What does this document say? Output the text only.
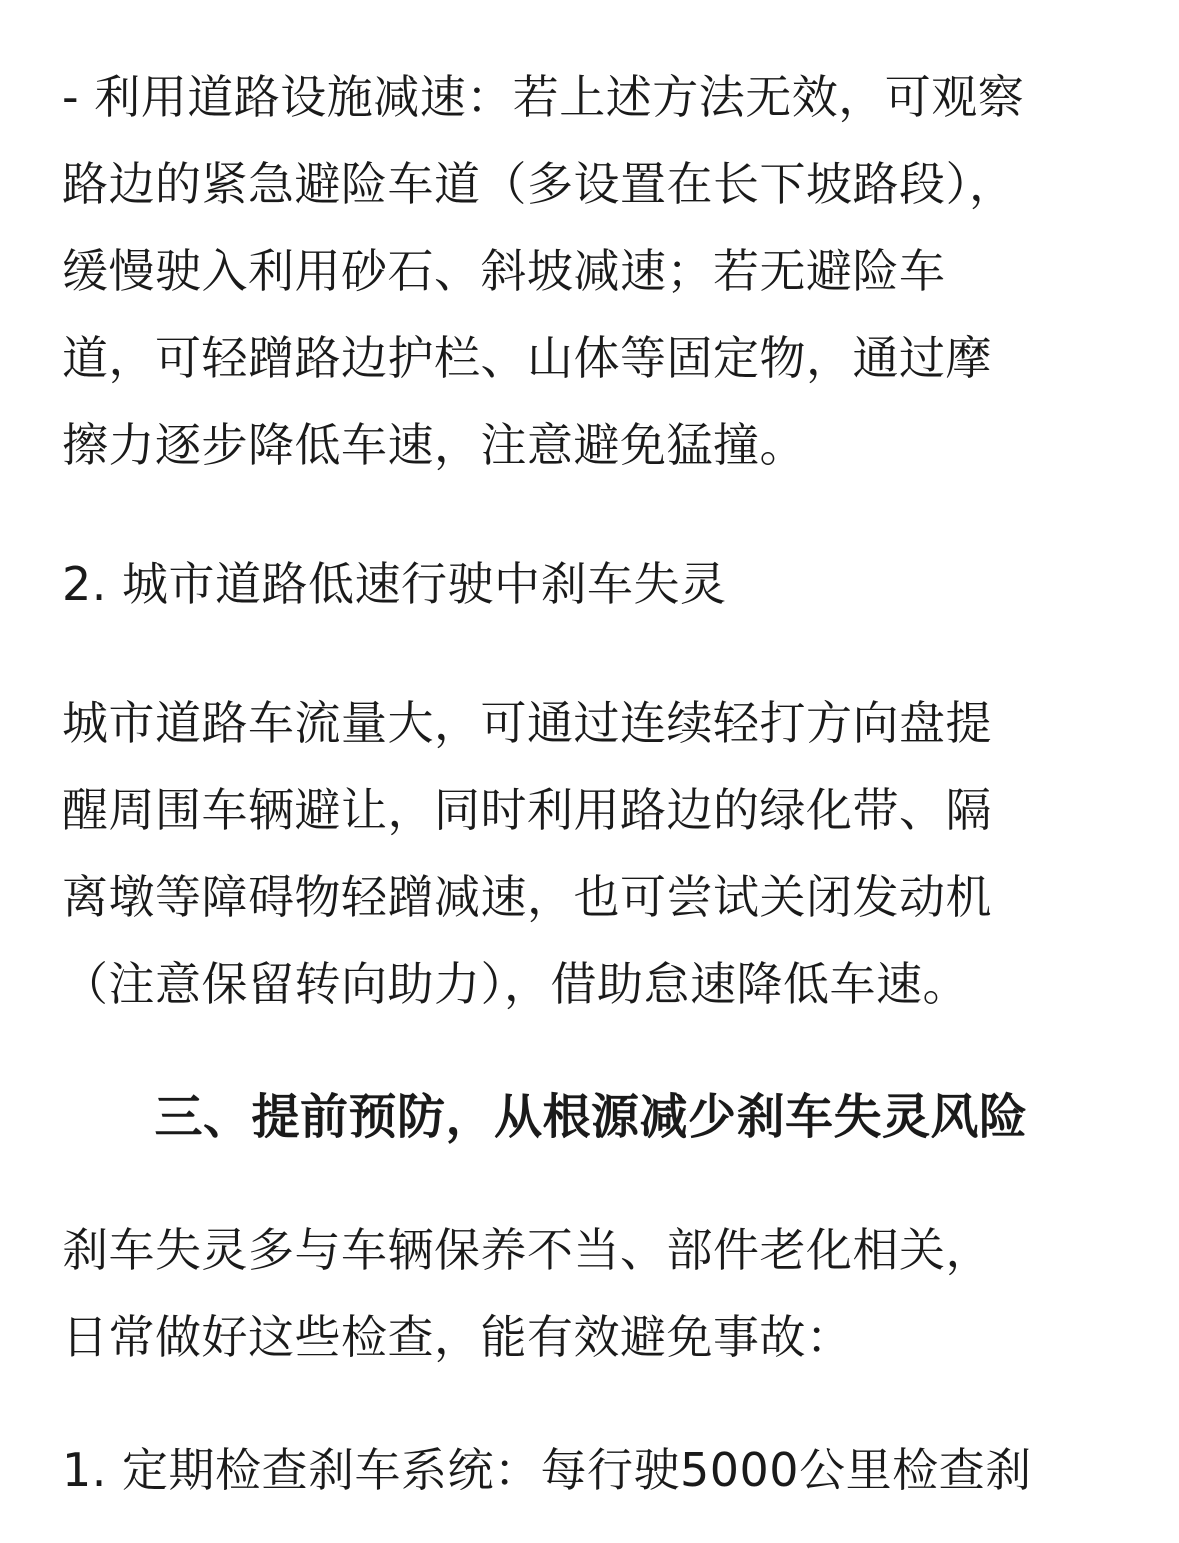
- 利用道路设施减速：若上述方法无效，可观察
路边的紧急避险车道（多设置在长下坡路段），
缓慢驶入利用砂石、斜坡减速；若无避险车
道，可轻蹭路边护栏、山体等固定物，通过摩
擦力逐步降低车速，注意避免猛撞。

2. 城市道路低速行驶中刹车失灵

城市道路车流量大，可通过连续轻打方向盘提
醒周围车辆避让，同时利用路边的绿化带、隔
离墩等障碍物轻蹭减速，也可尝试关闭发动机
（注意保留转向助力），借助怠速降低车速。

三、提前预防，从根源减少刹车失灵风险

刹车失灵多与车辆保养不当、部件老化相关，
日常做好这些检查，能有效避免事故：

1. 定期检查刹车系统：每行驶5000公里检查刹
